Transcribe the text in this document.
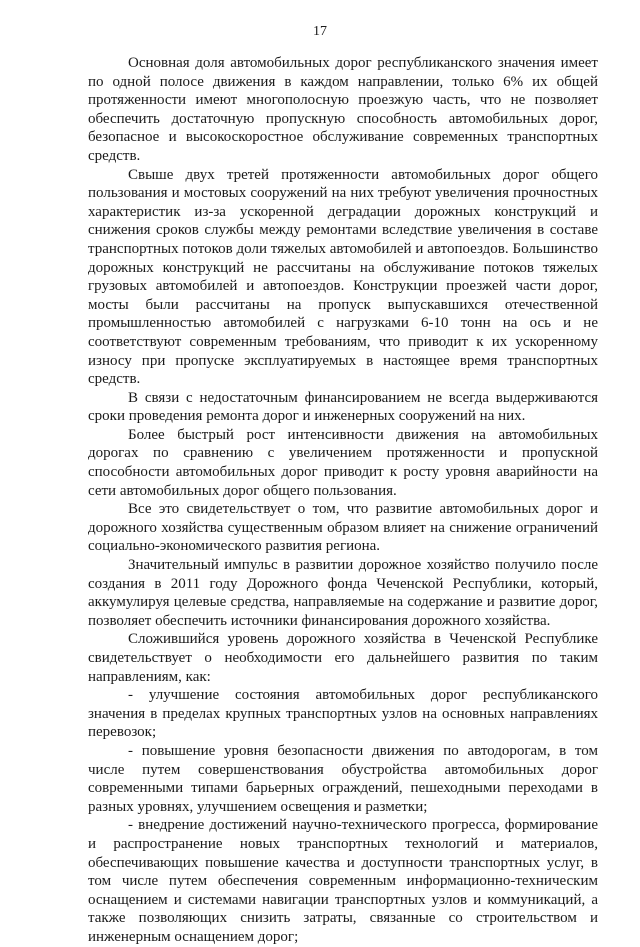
17

Основная доля автомобильных дорог республиканского значения имеет по одной полосе движения в каждом направлении, только 6% их общей протяженности имеют многополосную проезжую часть, что не позволяет обеспечить достаточную пропускную способность автомобильных дорог, безопасное и высокоскоростное обслуживание современных транспортных средств.

Свыше двух третей протяженности автомобильных дорог общего пользования и мостовых сооружений на них требуют увеличения прочностных характеристик из-за ускоренной деградации дорожных конструкций и снижения сроков службы между ремонтами вследствие увеличения в составе транспортных потоков доли тяжелых автомобилей и автопоездов. Большинство дорожных конструкций не рассчитаны на обслуживание потоков тяжелых грузовых автомобилей и автопоездов. Конструкции проезжей части дорог, мосты были рассчитаны на пропуск выпускавшихся отечественной промышленностью автомобилей с нагрузками 6-10 тонн на ось и не соответствуют современным требованиям, что приводит к их ускоренному износу при пропуске эксплуатируемых в настоящее время транспортных средств.

В связи с недостаточным финансированием не всегда выдерживаются сроки проведения ремонта дорог и инженерных сооружений на них.

Более быстрый рост интенсивности движения на автомобильных дорогах по сравнению с увеличением протяженности и пропускной способности автомобильных дорог приводит к росту уровня аварийности на сети автомобильных дорог общего пользования.

Все это свидетельствует о том, что развитие автомобильных дорог и дорожного хозяйства существенным образом влияет на снижение ограничений социально-экономического развития региона.

Значительный импульс в развитии дорожное хозяйство получило после создания в 2011 году Дорожного фонда Чеченской Республики, который, аккумулируя целевые средства, направляемые на содержание и развитие дорог, позволяет обеспечить источники финансирования дорожного хозяйства.

Сложившийся уровень дорожного хозяйства в Чеченской Республике свидетельствует о необходимости его дальнейшего развития по таким направлениям, как:

- улучшение состояния автомобильных дорог республиканского значения в пределах крупных транспортных узлов на основных направлениях перевозок;

- повышение уровня безопасности движения по автодорогам, в том числе путем совершенствования обустройства автомобильных дорог современными типами барьерных ограждений, пешеходными переходами в разных уровнях, улучшением освещения и разметки;

- внедрение достижений научно-технического прогресса, формирование и распространение новых транспортных технологий и материалов, обеспечивающих повышение качества и доступности транспортных услуг, в том числе путем обеспечения современным информационно-техническим оснащением и системами навигации транспортных узлов и коммуникаций, а также позволяющих снизить затраты, связанные со строительством и инженерным оснащением дорог;
